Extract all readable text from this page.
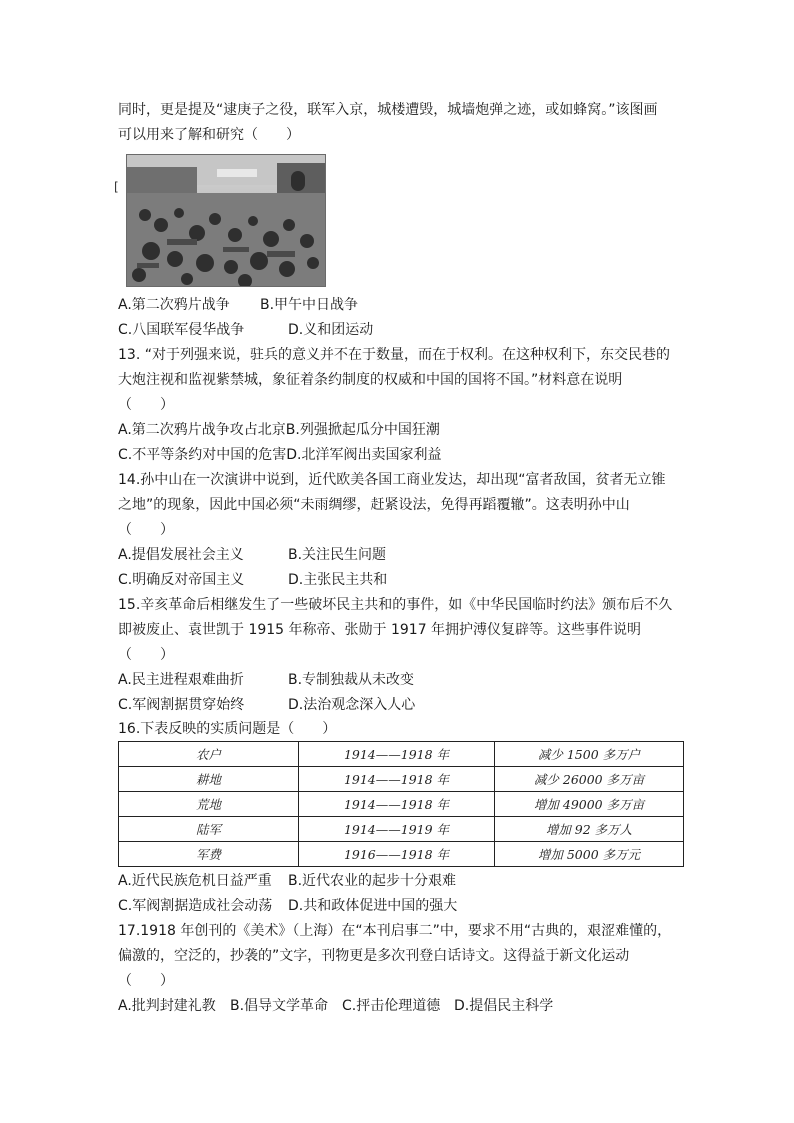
同时，更是提及“逮庚子之役，联军入京，城楼遭毁，城墙炮弹之迹，或如蜂窝。”该图画
可以用来了解和研究（　　）
[
A.第二次鸦片战争 B.甲午中日战争
C.八国联军侵华战争	D.义和团运动
13. “对于列强来说，驻兵的意义并不在于数量，而在于权利。在这种权利下，东交民巷的
大炮注视和监视紫禁城，象征着条约制度的权威和中国的国将不国。”材料意在说明
（　　）
A.第二次鸦片战争攻占北京B.列强掀起瓜分中国狂潮
C.不平等条约对中国的危害D.北洋军阀出卖国家利益
14.孙中山在一次演讲中说到，近代欧美各国工商业发达，却出现“富者敌国，贫者无立锥
之地”的现象，因此中国必须“未雨绸缪，赶紧设法，免得再蹈覆辙”。这表明孙中山
（　　）
A.提倡发展社会主义	B.关注民生问题
C.明确反对帝国主义	D.主张民主共和
15.辛亥革命后相继发生了一些破坏民主共和的事件，如《中华民国临时约法》颁布后不久
即被废止、袁世凯于 1915 年称帝、张勋于 1917 年拥护溥仪复辟等。这些事件说明
（　　）
A.民主进程艰难曲折	B.专制独裁从未改变
C.军阀割据贯穿始终	D.法治观念深入人心
16.下表反映的实质问题是（　　）
农户	1914——1918 年	减少 1500 多万户
耕地	1914——1918 年	减少 26000 多万亩
荒地	1914——1918 年	增加 49000 多万亩
陆军	1914——1919 年	增加 92 多万人
军费	1916——1918 年	增加 5000 多万元
A.近代民族危机日益严重 B.近代农业的起步十分艰难
C.军阀割据造成社会动荡 D.共和政体促进中国的强大
17.1918 年创刊的《美术》（上海）在“本刊启事二”中，要求不用“古典的，艰涩难懂的，
偏激的，空泛的，抄袭的”文字，刊物更是多次刊登白话诗文。这得益于新文化运动
（　　）
A.批判封建礼教 B.倡导文学革命 C.抨击伦理道德 D.提倡民主科学
